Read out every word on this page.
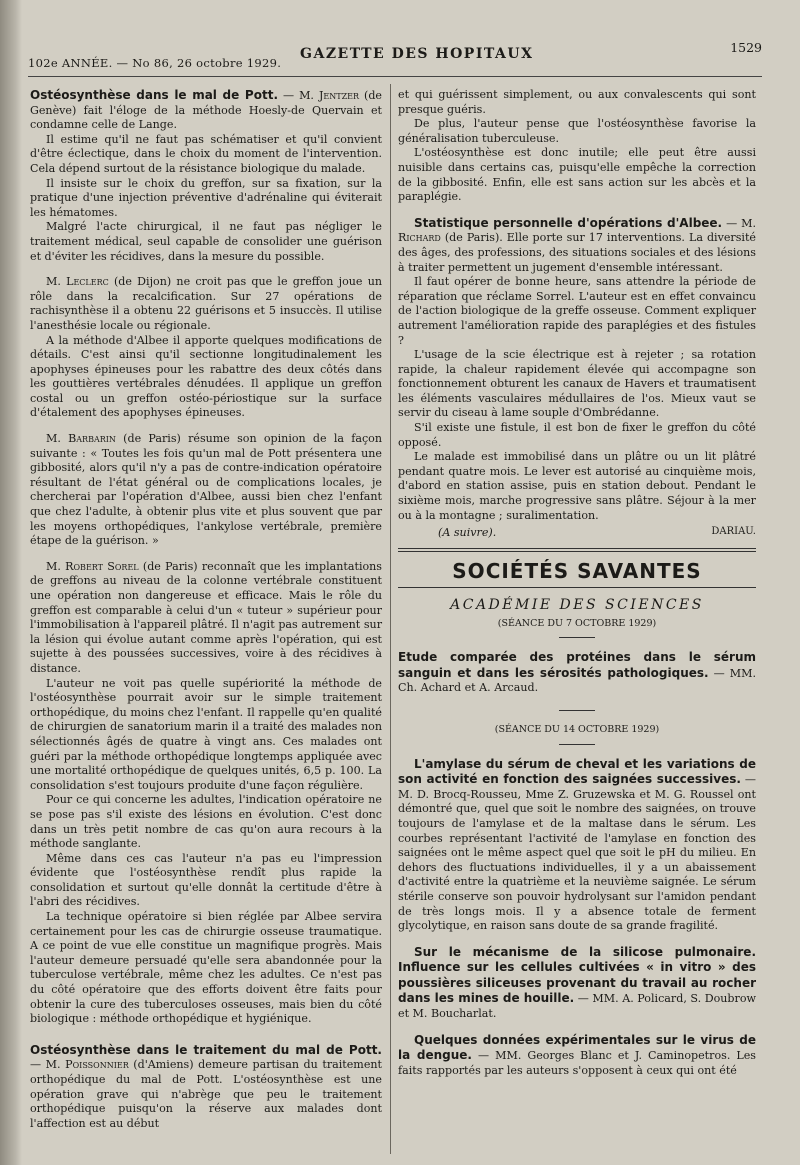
102e ANNÉE. — No 86, 26 octobre 1929.
GAZETTE DES HOPITAUX	1529

Ostéosynthèse dans le mal de Pott. — M. Jentzer (de Genève) fait l'éloge de la méthode Hoesly-de Quervain et condamne celle de Lange.

Il estime qu'il ne faut pas schématiser et qu'il convient d'être éclectique, dans le choix du moment de l'intervention. Cela dépend surtout de la résistance biologique du malade.

Il insiste sur le choix du greffon, sur sa fixation, sur la pratique d'une injection préventive d'adrénaline qui éviterait les hématomes.

Malgré l'acte chirurgical, il ne faut pas négliger le traitement médical, seul capable de consolider une guérison et d'éviter les récidives, dans la mesure du possible.

M. Leclerc (de Dijon) ne croit pas que le greffon joue un rôle dans la recalcification. Sur 27 opérations de rachisynthèse il a obtenu 22 guérisons et 5 insuccès. Il utilise l'anesthésie locale ou régionale.

A la méthode d'Albee il apporte quelques modifications de détails. C'est ainsi qu'il sectionne longitudinalement les apophyses épineuses pour les rabattre des deux côtés dans les gouttières vertébrales dénudées. Il applique un greffon costal ou un greffon ostéo-périostique sur la surface d'étalement des apophyses épineuses.

M. Barbarin (de Paris) résume son opinion de la façon suivante : « Toutes les fois qu'un mal de Pott présentera une gibbosité, alors qu'il n'y a pas de contre-indication opératoire résultant de l'état général ou de complications locales, je chercherai par l'opération d'Albee, aussi bien chez l'enfant que chez l'adulte, à obtenir plus vite et plus souvent que par les moyens orthopédiques, l'ankylose vertébrale, première étape de la guérison. »

M. Robert Sorel (de Paris) reconnaît que les implantations de greffons au niveau de la colonne vertébrale constituent une opération non dangereuse et efficace. Mais le rôle du greffon est comparable à celui d'un « tuteur » supérieur pour l'immobilisation à l'appareil plâtré. Il n'agit pas autrement sur la lésion qui évolue autant comme après l'opération, qui est sujette à des poussées successives, voire à des récidives à distance.

L'auteur ne voit pas quelle supériorité la méthode de l'ostéosynthèse pourrait avoir sur le simple traitement orthopédique, du moins chez l'enfant. Il rappelle qu'en qualité de chirurgien de sanatorium marin il a traité des malades non sélectionnés âgés de quatre à vingt ans. Ces malades ont guéri par la méthode orthopédique longtemps appliquée avec une mortalité orthopédique de quelques unités, 6,5 p. 100. La consolidation s'est toujours produite d'une façon régulière.

Pour ce qui concerne les adultes, l'indication opératoire ne se pose pas s'il existe des lésions en évolution. C'est donc dans un très petit nombre de cas qu'on aura recours à la méthode sanglante.

Même dans ces cas l'auteur n'a pas eu l'impression évidente que l'ostéosynthèse rendît plus rapide la consolidation et surtout qu'elle donnât la certitude d'être à l'abri des récidives.

La technique opératoire si bien réglée par Albee servira certainement pour les cas de chirurgie osseuse traumatique. A ce point de vue elle constitue un magnifique progrès. Mais l'auteur demeure persuadé qu'elle sera abandonnée pour la tuberculose vertébrale, même chez les adultes. Ce n'est pas du côté opératoire que des efforts doivent être faits pour obtenir la cure des tuberculoses osseuses, mais bien du côté biologique : méthode orthopédique et hygiénique.

Ostéosynthèse dans le traitement du mal de Pott. — M. Poissonnier (d'Amiens) demeure partisan du traitement orthopédique du mal de Pott. L'ostéosynthèse est une opération grave qui n'abrège que peu le traitement orthopédique puisqu'on la réserve aux malades dont l'affection est au début

et qui guérissent simplement, ou aux convalescents qui sont presque guéris.

De plus, l'auteur pense que l'ostéosynthèse favorise la généralisation tuberculeuse.

L'ostéosynthèse est donc inutile; elle peut être aussi nuisible dans certains cas, puisqu'elle empêche la correction de la gibbosité. Enfin, elle est sans action sur les abcès et la paraplégie.

Statistique personnelle d'opérations d'Albee. — M. Richard (de Paris). Elle porte sur 17 interventions. La diversité des âges, des professions, des situations sociales et des lésions à traiter permettent un jugement d'ensemble intéressant.

Il faut opérer de bonne heure, sans attendre la période de réparation que réclame Sorrel. L'auteur est en effet convaincu de l'action biologique de la greffe osseuse. Comment expliquer autrement l'amélioration rapide des paraplégies et des fistules ?

L'usage de la scie électrique est à rejeter ; sa rotation rapide, la chaleur rapidement élevée qui accompagne son fonctionnement obturent les canaux de Havers et traumatisent les éléments vasculaires médullaires de l'os. Mieux vaut se servir du ciseau à lame souple d'Ombrédanne.

S'il existe une fistule, il est bon de fixer le greffon du côté opposé.

Le malade est immobilisé dans un plâtre ou un lit plâtré pendant quatre mois. Le lever est autorisé au cinquième mois, d'abord en station assise, puis en station debout. Pendant le sixième mois, marche progressive sans plâtre. Séjour à la mer ou à la montagne ; suralimentation.

DARIAU.
(A suivre).
SOCIÉTÉS SAVANTES
ACADÉMIE DES SCIENCES
(SÉANCE DU 7 OCTOBRE 1929)

Etude comparée des protéines dans le sérum sanguin et dans les sérosités pathologiques. — MM. Ch. Achard et A. Arcaud.

(SÉANCE DU 14 OCTOBRE 1929)

L'amylase du sérum de cheval et les variations de son activité en fonction des saignées successives. — M. D. Brocq-Rousseu, Mme Z. Gruzewska et M. G. Roussel ont démontré que, quel que soit le nombre des saignées, on trouve toujours de l'amylase et de la maltase dans le sérum. Les courbes représentant l'activité de l'amylase en fonction des saignées ont le même aspect quel que soit le pH du milieu. En dehors des fluctuations individuelles, il y a un abaissement d'activité entre la quatrième et la neuvième saignée. Le sérum stérile conserve son pouvoir hydrolysant sur l'amidon pendant de très longs mois. Il y a absence totale de ferment glycolytique, en raison sans doute de sa grande fragilité.

Sur le mécanisme de la silicose pulmonaire. Influence sur les cellules cultivées « in vitro » des poussières siliceuses provenant du travail au rocher dans les mines de houille. — MM. A. Policard, S. Doubrow et M. Boucharlat.

Quelques données expérimentales sur le virus de la dengue. — MM. Georges Blanc et J. Caminopetros. Les faits rapportés par les auteurs s'opposent à ceux qui ont été
